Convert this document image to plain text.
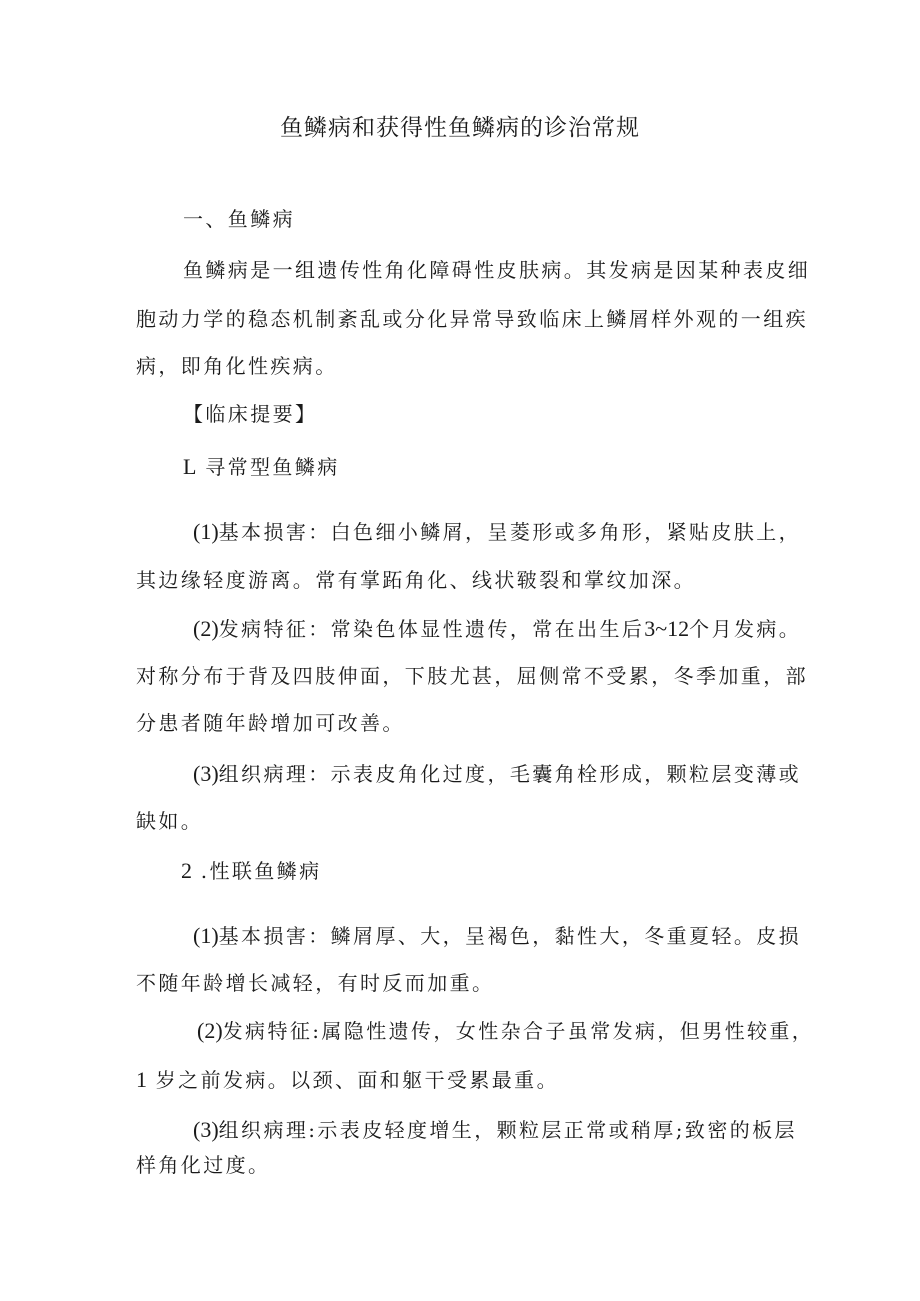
鱼鳞病和获得性鱼鳞病的诊治常规
一、鱼鳞病
鱼鳞病是一组遗传性角化障碍性皮肤病。其发病是因某种表皮细
胞动力学的稳态机制紊乱或分化异常导致临床上鳞屑样外观的一组疾
病，即角化性疾病。
【临床提要】
L 寻常型鱼鳞病
(1)基本损害：白色细小鳞屑，呈菱形或多角形，紧贴皮肤上，
其边缘轻度游离。常有掌跖角化、线状皲裂和掌纹加深。
(2)发病特征：常染色体显性遗传，常在出生后3~12个月发病。
对称分布于背及四肢伸面，下肢尤甚，屈侧常不受累，冬季加重，部
分患者随年龄增加可改善。
(3)组织病理：示表皮角化过度，毛囊角栓形成，颗粒层变薄或
缺如。
2 .性联鱼鳞病
(1)基本损害：鳞屑厚、大，呈褐色，黏性大，冬重夏轻。皮损
不随年龄增长减轻，有时反而加重。
(2)发病特征:属隐性遗传，女性杂合子虽常发病，但男性较重，
1 岁之前发病。以颈、面和躯干受累最重。
(3)组织病理:示表皮轻度增生，颗粒层正常或稍厚;致密的板层
样角化过度。
